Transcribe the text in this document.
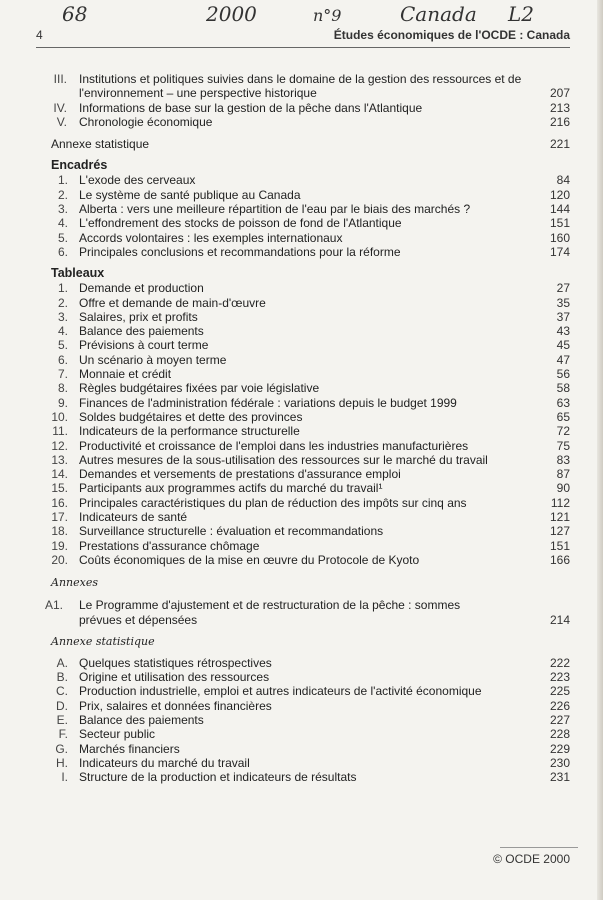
68	2000	n°9	Canada L2
4	Études économiques de l'OCDE : Canada
III.	Institutions et politiques suivies dans le domaine de la gestion des ressources et de l'environnement – une perspective historique	207
IV.	Informations de base sur la gestion de la pêche dans l'Atlantique	213
V.	Chronologie économique	216
Annexe statistique	221
Encadrés
1. L'exode des cerveaux	84
2. Le système de santé publique au Canada	120
3. Alberta : vers une meilleure répartition de l'eau par le biais des marchés ?	144
4. L'effondrement des stocks de poisson de fond de l'Atlantique	151
5. Accords volontaires : les exemples internationaux	160
6. Principales conclusions et recommandations pour la réforme	174
Tableaux
1. Demande et production	27
2. Offre et demande de main-d'œuvre	35
3. Salaires, prix et profits	37
4. Balance des paiements	43
5. Prévisions à court terme	45
6. Un scénario à moyen terme	47
7. Monnaie et crédit	56
8. Règles budgétaires fixées par voie législative	58
9. Finances de l'administration fédérale : variations depuis le budget 1999	63
10. Soldes budgétaires et dette des provinces	65
11. Indicateurs de la performance structurelle	72
12. Productivité et croissance de l'emploi dans les industries manufacturières	75
13. Autres mesures de la sous-utilisation des ressources sur le marché du travail	83
14. Demandes et versements de prestations d'assurance emploi	87
15. Participants aux programmes actifs du marché du travail¹	90
16. Principales caractéristiques du plan de réduction des impôts sur cinq ans	112
17. Indicateurs de santé	121
18. Surveillance structurelle : évaluation et recommandations	127
19. Prestations d'assurance chômage	151
20. Coûts économiques de la mise en œuvre du Protocole de Kyoto	166
Annexes
A1.	Le Programme d'ajustement et de restructuration de la pêche : sommes prévues et dépensées	214
Annexe statistique
A. Quelques statistiques rétrospectives	222
B. Origine et utilisation des ressources	223
C. Production industrielle, emploi et autres indicateurs de l'activité économique	225
D. Prix, salaires et données financières	226
E. Balance des paiements	227
F. Secteur public	228
G. Marchés financiers	229
H. Indicateurs du marché du travail	230
I. Structure de la production et indicateurs de résultats	231
© OCDE 2000
